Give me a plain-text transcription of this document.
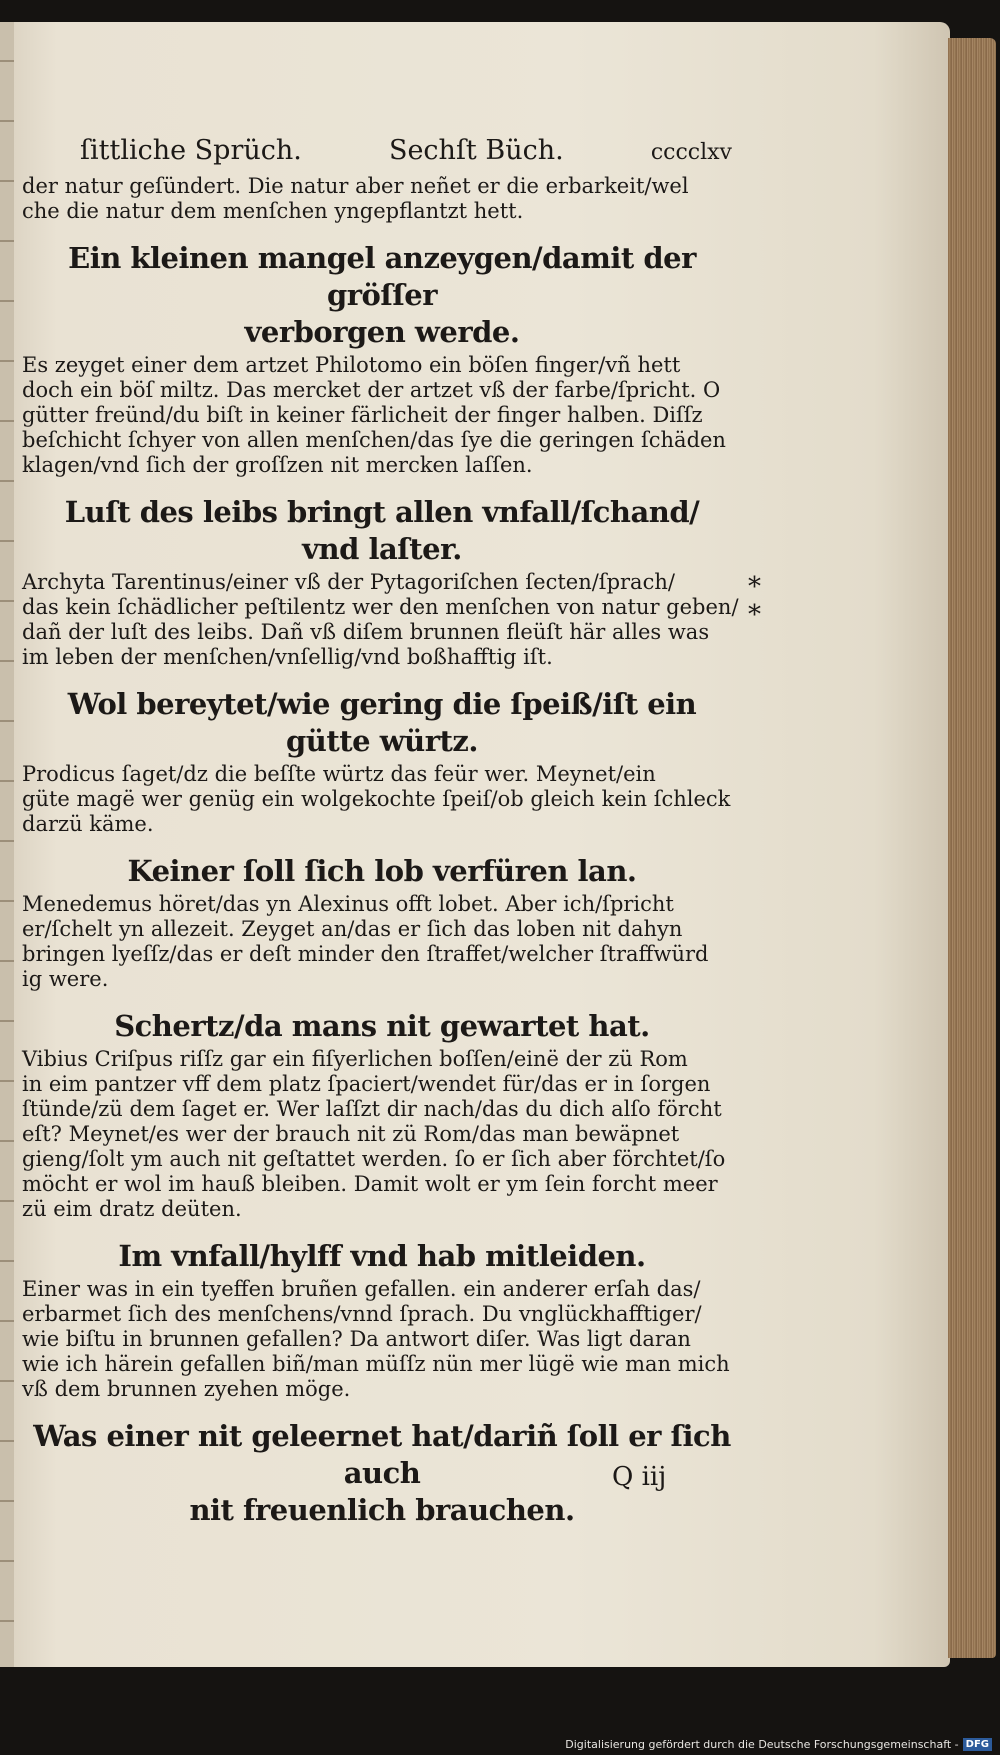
ſittliche Sprüch.	Sechſt Büch.	cccclxv

der natur geſündert. Die natur aber neñet er die erbarkeit/wel

che die natur dem menſchen yngepflantzt hett.

Ein kleinen mangel anzeygen/damit der gröſſer
verborgen werde.

Es zeyget einer dem artzet Philotomo ein böſen finger/vñ hett

doch ein böſ miltz. Das mercket der artzet vß der farbe/ſpricht. O

gütter freünd/du biſt in keiner färlicheit der finger halben. Diſſz

beſchicht ſchyer von allen menſchen/das ſye die geringen ſchäden

klagen/vnd ſich der groſſzen nit mercken laſſen.

Luſt des leibs bringt allen vnfall/ſchand/
vnd laſter.

Archyta Tarentinus/einer vß der Pytagoriſchen ſecten/ſprach/

das kein ſchädlicher peſtilentz wer den menſchen von natur geben/

dañ der luſt des leibs. Dañ vß diſem brunnen fleüſt här alles was

im leben der menſchen/vnſellig/vnd boßhafftig iſt.

Wol bereytet/wie gering die ſpeiß/iſt ein
gütte würtz.

Prodicus ſaget/dz die beſſte würtz das feür wer. Meynet/ein

güte magë wer genüg ein wolgekochte ſpeiſ/ob gleich kein ſchleck

darzü käme.

Keiner ſoll ſich lob verfüren lan.

Menedemus höret/das yn Alexinus offt lobet. Aber ich/ſpricht

er/ſchelt yn allezeit. Zeyget an/das er ſich das loben nit dahyn

bringen lyeſſz/das er deſt minder den ſtraffet/welcher ſtraffwürd

ig were.

Schertz/da mans nit gewartet hat.

Vibius Criſpus riſſz gar ein fiſyerlichen boſſen/einë der zü Rom

in eim pantzer vff dem platz ſpaciert/wendet für/das er in ſorgen

ſtünde/zü dem ſaget er. Wer laſſzt dir nach/das du dich alſo förcht

eſt? Meynet/es wer der brauch nit zü Rom/das man bewäpnet

gieng/ſolt ym auch nit geſtattet werden. ſo er ſich aber förchtet/ſo

möcht er wol im hauß bleiben. Damit wolt er ym ſein forcht meer

zü eim dratz deüten.

Im vnfall/hylff vnd hab mitleiden.

Einer was in ein tyeffen bruñen gefallen. ein anderer erſah das/

erbarmet ſich des menſchens/vnnd ſprach. Du vnglückhafftiger/

wie biſtu in brunnen gefallen? Da antwort diſer. Was ligt daran

wie ich härein gefallen biñ/man müſſz nün mer lügë wie man mich

vß dem brunnen zyehen möge.

Was einer nit geleernet hat/dariñ ſoll er ſich auch
nit freuenlich brauchen.
*
*
Q iij
Digitalisierung gefördert durch die Deutsche Forschungsgemeinschaft - DFG
